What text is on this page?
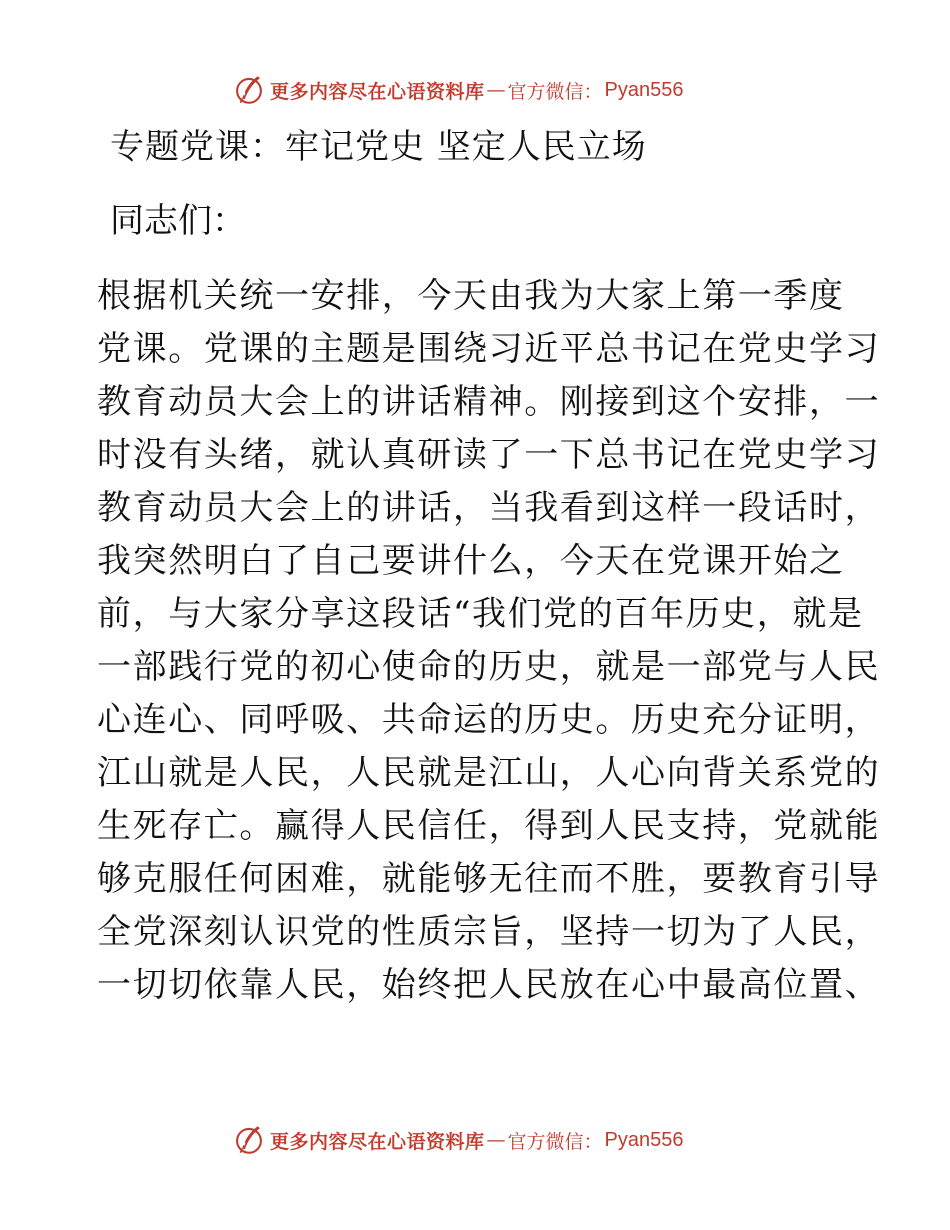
更多内容尽在心语资料库 — 官方微信： Pyan556
专题党课：牢记党史 坚定人民立场

同志们：

根据机关统一安排，今天由我为大家上第一季度
党课。党课的主题是围绕习近平总书记在党史学习
教育动员大会上的讲话精神。刚接到这个安排，一
时没有头绪，就认真研读了一下总书记在党史学习
教育动员大会上的讲话，当我看到这样一段话时，
我突然明白了自己要讲什么，今天在党课开始之
前，与大家分享这段话“我们党的百年历史，就是
一部践行党的初心使命的历史，就是一部党与人民
心连心、同呼吸、共命运的历史。历史充分证明，
江山就是人民，人民就是江山，人心向背关系党的
生死存亡。赢得人民信任，得到人民支持，党就能
够克服任何困难，就能够无往而不胜，要教育引导
全党深刻认识党的性质宗旨，坚持一切为了人民，
一切切依靠人民，始终把人民放在心中最高位置、
更多内容尽在心语资料库 — 官方微信： Pyan556
